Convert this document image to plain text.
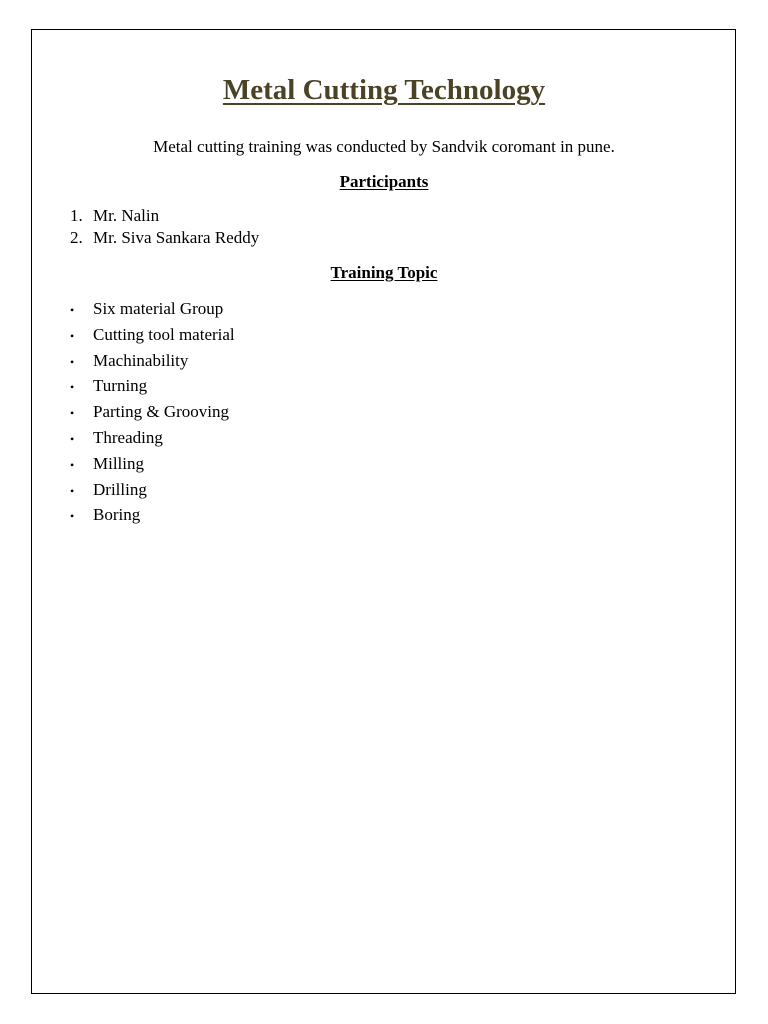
Metal Cutting Technology

Metal cutting training was conducted by Sandvik coromant in pune.

Participants
1. Mr. Nalin
2. Mr. Siva Sankara Reddy
Training Topic
•	Six material Group
•	Cutting tool material
•	Machinability
•	Turning
•	Parting & Grooving
•	Threading
•	Milling
•	Drilling
•	Boring
